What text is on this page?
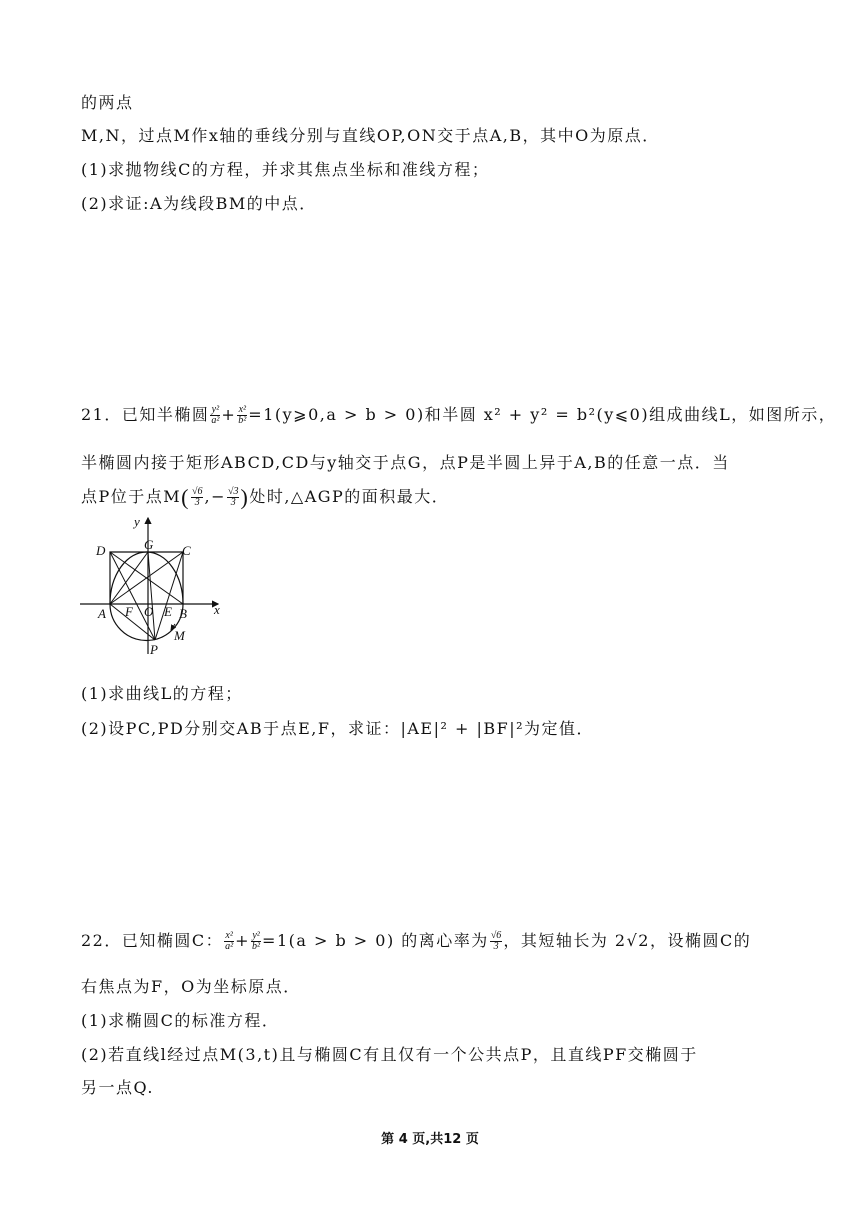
的两点
M,N，过点M作x轴的垂线分别与直线OP,ON交于点A,B，其中O为原点．
(1)求抛物线C的方程，并求其焦点坐标和准线方程；
(2)求证:A为线段BM的中点．
21．已知半椭圆 $\frac{\text{y²}}{\text{a²}} + \frac{\text{x²}}{\text{b²}}$ =1(y⩾0,a > b > 0)和半圆 x² + y² = b²(y⩽0)组成曲线L，如图所示，
半椭圆内接于矩形ABCD,CD与y轴交于点G，点P是半圆上异于A,B的任意一点．当
点P位于点$M( \frac{√6}{3}$ ,− $\frac{√3}{3}$ )处时,△AGP的面积最大．
y
x
D	G C
A F O E B
M
P
(1)求曲线L的方程；
(2)设PC,PD分别交AB于点E,F，求证：|AE|² + |BF|²为定值．
22．已知椭圆C： $\frac{\text{x²}}{\text{a²}} + \frac{\text{y²}}{\text{b²}} =1(a > b > 0)$ 的离心率为 $\frac{√6}{3}$ ，其短轴长为 2√2，设椭圆C的
右焦点为F，O为坐标原点．
(1)求椭圆C的标准方程．
(2)若直线l经过点M(3,t)且与椭圆C有且仅有一个公共点P，且直线PF交椭圆于
另一点Q.
第 4 页,共12 页
